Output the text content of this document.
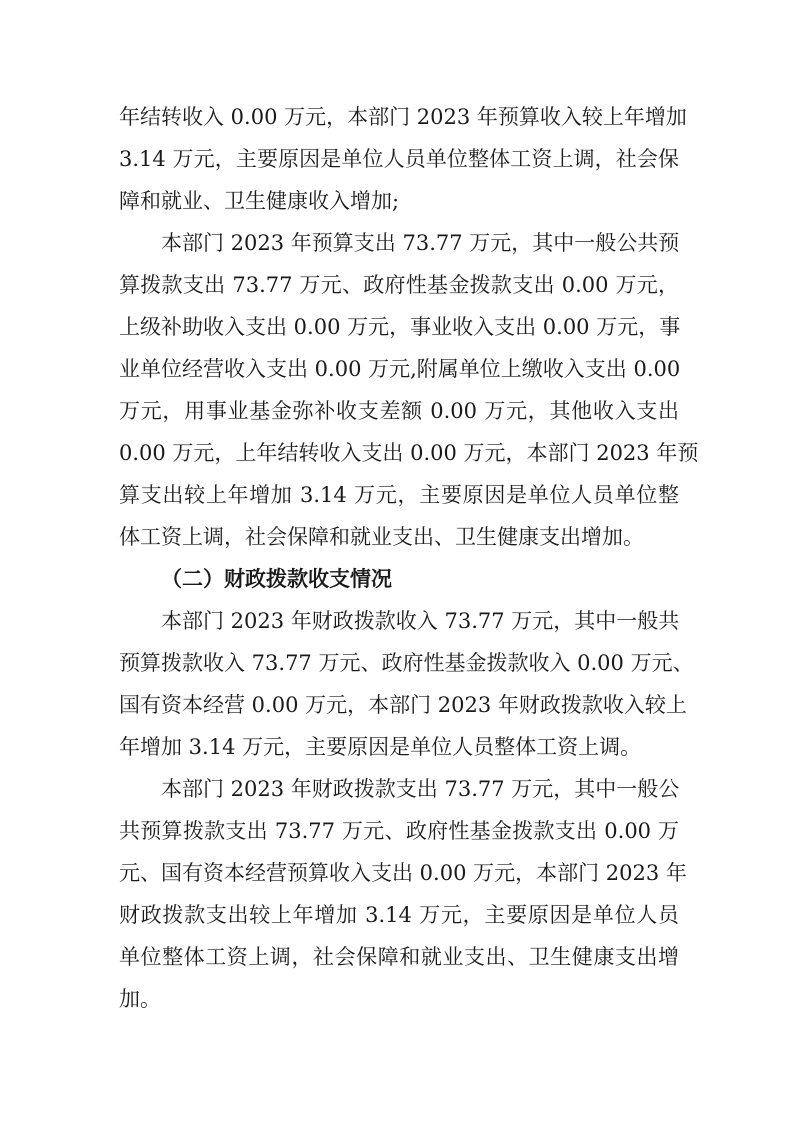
年结转收入 0.00 万元，本部门 2023 年预算收入较上年增加
3.14 万元，主要原因是单位人员单位整体工资上调，社会保
障和就业、卫生健康收入增加;
本部门 2023 年预算支出 73.77 万元，其中一般公共预
算拨款支出 73.77 万元、政府性基金拨款支出 0.00 万元，
上级补助收入支出 0.00 万元，事业收入支出 0.00 万元，事
业单位经营收入支出 0.00 万元,附属单位上缴收入支出 0.00
万元，用事业基金弥补收支差额 0.00 万元，其他收入支出
0.00 万元，上年结转收入支出 0.00 万元，本部门 2023 年预
算支出较上年增加 3.14 万元，主要原因是单位人员单位整
体工资上调，社会保障和就业支出、卫生健康支出增加。
（二）财政拨款收支情况
本部门 2023 年财政拨款收入 73.77 万元，其中一般共
预算拨款收入 73.77 万元、政府性基金拨款收入 0.00 万元、
国有资本经营 0.00 万元，本部门 2023 年财政拨款收入较上
年增加 3.14 万元，主要原因是单位人员整体工资上调。
本部门 2023 年财政拨款支出 73.77 万元，其中一般公
共预算拨款支出 73.77 万元、政府性基金拨款支出 0.00 万
元、国有资本经营预算收入支出 0.00 万元，本部门 2023 年
财政拨款支出较上年增加 3.14 万元，主要原因是单位人员
单位整体工资上调，社会保障和就业支出、卫生健康支出增
加。
